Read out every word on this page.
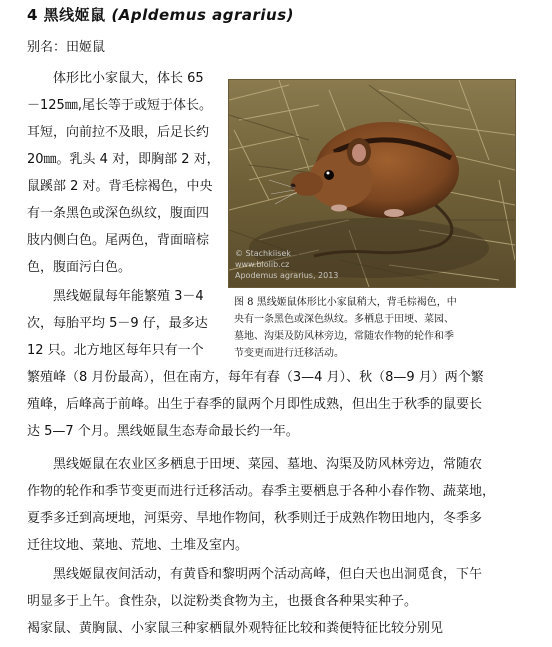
4 黑线姬鼠 (Apldemus agrarius)
别名：田姬鼠
　　体形比小家鼠大，体长 65
－125㎜,尾长等于或短于体长。
耳短，向前拉不及眼，后足长约
20㎜。乳头 4 对，即胸部 2 对，
鼠蹊部 2 对。背毛棕褐色，中央
有一条黑色或深色纵纹，腹面四
肢内侧白色。尾两色，背面暗棕
色，腹面污白色。
　　黑线姬鼠每年能繁殖 3－4
次，每胎平均 5－9 仔，最多达
12 只。北方地区每年只有一个
© Stachkiisek
www.biolib.cz
Apodemus agrarius, 2013
图 8 黑线姬鼠体形比小家鼠稍大，背毛棕褐色，中
央有一条黑色或深色纵纹。多栖息于田埂、菜园、
墓地、沟渠及防风林旁边，常随农作物的轮作和季
节变更而进行迁移活动。
繁殖峰（8 月份最高），但在南方，每年有春（3—4 月）、秋（8—9 月）两个繁
殖峰，后峰高于前峰。出生于春季的鼠两个月即性成熟，但出生于秋季的鼠要长
达 5—7 个月。黑线姬鼠生态寿命最长约一年。
　　黑线姬鼠在农业区多栖息于田埂、菜园、墓地、沟渠及防风林旁边，常随农
作物的轮作和季节变更而进行迁移活动。春季主要栖息于各种小春作物、蔬菜地，
夏季多迁到高埂地，河渠旁、旱地作物间，秋季则迁于成熟作物田地内，冬季多
迁往坟地、菜地、荒地、土堆及室内。
　　黑线姬鼠夜间活动，有黄昏和黎明两个活动高峰，但白天也出洞觅食，下午
明显多于上午。食性杂，以淀粉类食物为主，也摄食各种果实种子。
褐家鼠、黄胸鼠、小家鼠三种家栖鼠外观特征比较和粪便特征比较分别见
